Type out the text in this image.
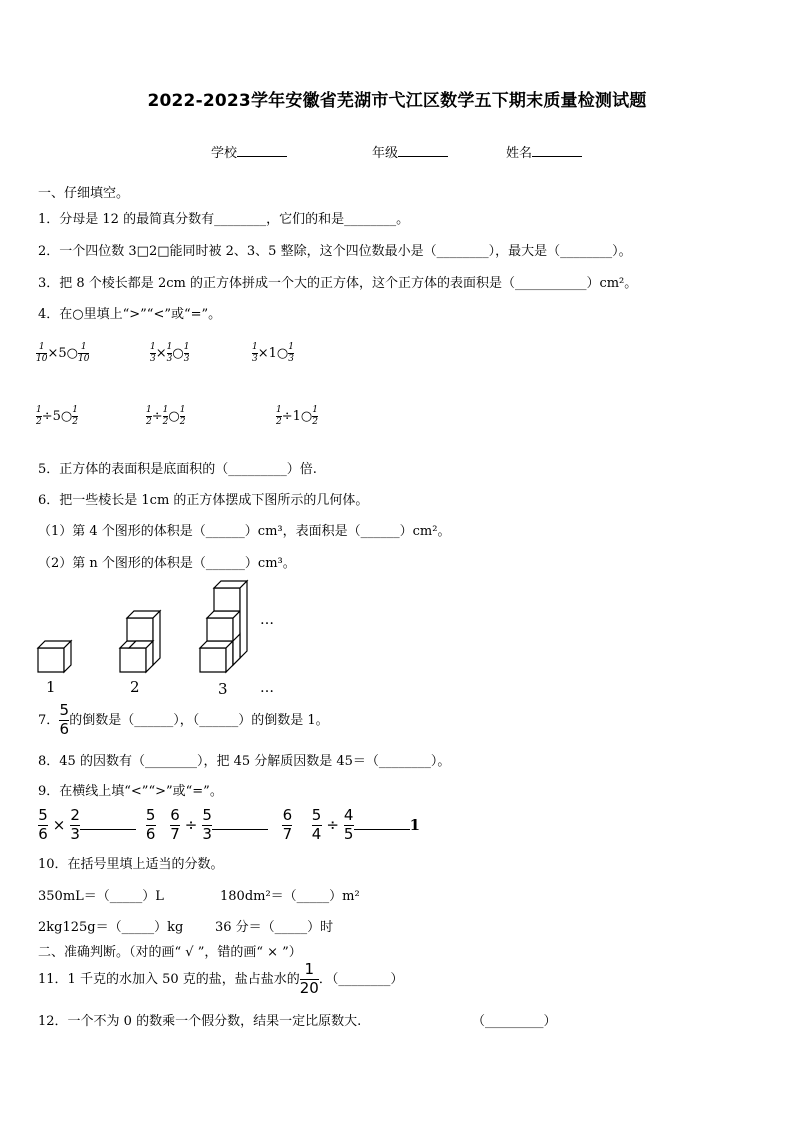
2022-2023学年安徽省芜湖市弋江区数学五下期末质量检测试题
学校	年级	姓名
一、仔细填空。
1．分母是 12 的最简真分数有________，它们的和是________。
2．一个四位数 3□2□能同时被 2、3、5 整除，这个四位数最小是（________），最大是（________）。
3．把 8 个棱长都是 2cm 的正方体拼成一个大的正方体，这个正方体的表面积是（___________）cm²。
4．在○里填上“>”“<”或“=”。
$\frac{1}{10}$ ×5○ $\frac{1}{10}$	$\frac{1}{3} \times \frac{1}{3}$ ○ $\frac{1}{3}$	$\frac{1}{3}$ ×1○ $\frac{1}{3}$
$\frac{1}{2}$ ÷5○ $\frac{1}{2}$	$\frac{1}{2} \div \frac{1}{2}$ ○ $\frac{1}{2}$	$\frac{1}{2}$ ÷1○ $\frac{1}{2}$
5．正方体的表面积是底面积的（_________）倍.
6．把一些棱长是 1cm 的正方体摆成下图所示的几何体。
（1）第 4 个图形的体积是（______）cm³，表面积是（______）cm²。
（2）第 n 个图形的体积是（______）cm³。
…
1	2	3 …
7． $\frac{5}{6}$ 的倒数是（______），（______）的倒数是 1。
8．45 的因数有（________），把 45 分解质因数是 45＝（________）。
9．在横线上填“<”“>”或“=”。
$\frac{5}{6} \times \frac{2}{3}$
	$\frac{5}{6}$
$\frac{6}{7} \div \frac{5}{3}$
	$\frac{6}{7}$
$\frac{5}{4} \div \frac{4}{5}$	1
10．在括号里填上适当的分数。
350mL＝（_____）L	180dm²＝（_____）m²
2kg125g＝（_____）kg 36 分＝（_____）时
二、准确判断。（对的画“ √ ”，错的画“ × ”）
11．1 千克的水加入 50 克的盐，盐占盐水的 $\frac{1}{20}$ ．（________）
12．一个不为 0 的数乘一个假分数，结果一定比原数大.	（_________）
